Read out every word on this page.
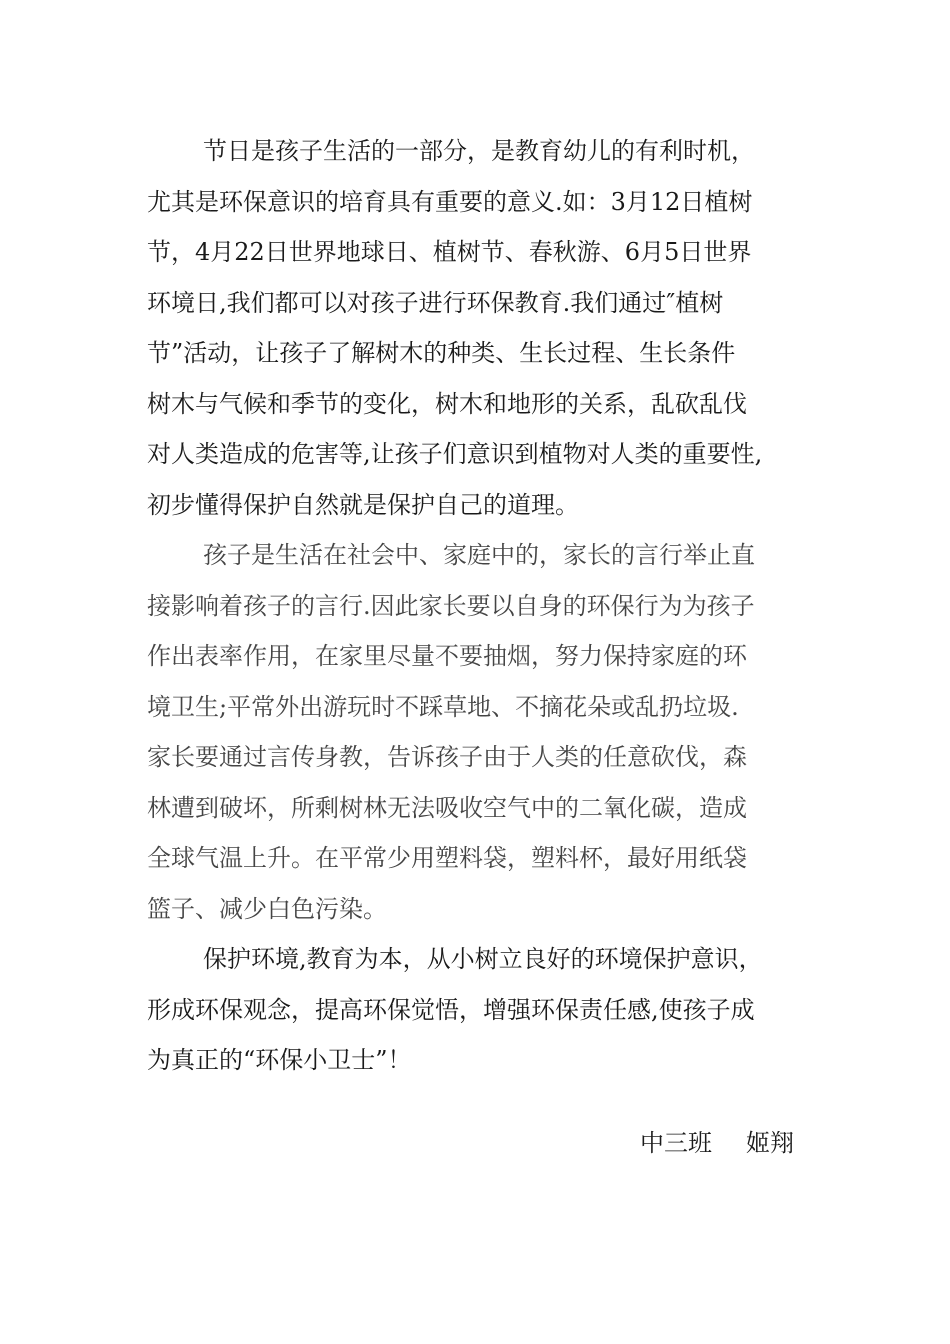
节日是孩子生活的一部分，是教育幼儿的有利时机，
尤其是环保意识的培育具有重要的意义.如：3月12日植树
节，4月22日世界地球日、植树节、春秋游、6月5日世界
环境日,我们都可以对孩子进行环保教育.我们通过″植树
节”活动，让孩子了解树木的种类、生长过程、生长条件
树木与气候和季节的变化，树木和地形的关系，乱砍乱伐
对人类造成的危害等,让孩子们意识到植物对人类的重要性,
初步懂得保护自然就是保护自己的道理。
孩子是生活在社会中、家庭中的，家长的言行举止直
接影响着孩子的言行.因此家长要以自身的环保行为为孩子
作出表率作用，在家里尽量不要抽烟，努力保持家庭的环
境卫生;平常外出游玩时不踩草地、不摘花朵或乱扔垃圾.
家长要通过言传身教，告诉孩子由于人类的任意砍伐，森
林遭到破坏，所剩树林无法吸收空气中的二氧化碳，造成
全球气温上升。在平常少用塑料袋，塑料杯，最好用纸袋
篮子、减少白色污染。
保护环境,教育为本，从小树立良好的环境保护意识，
形成环保观念，提高环保觉悟，增强环保责任感,使孩子成
为真正的“环保小卫士”！
中三班 姬翔
